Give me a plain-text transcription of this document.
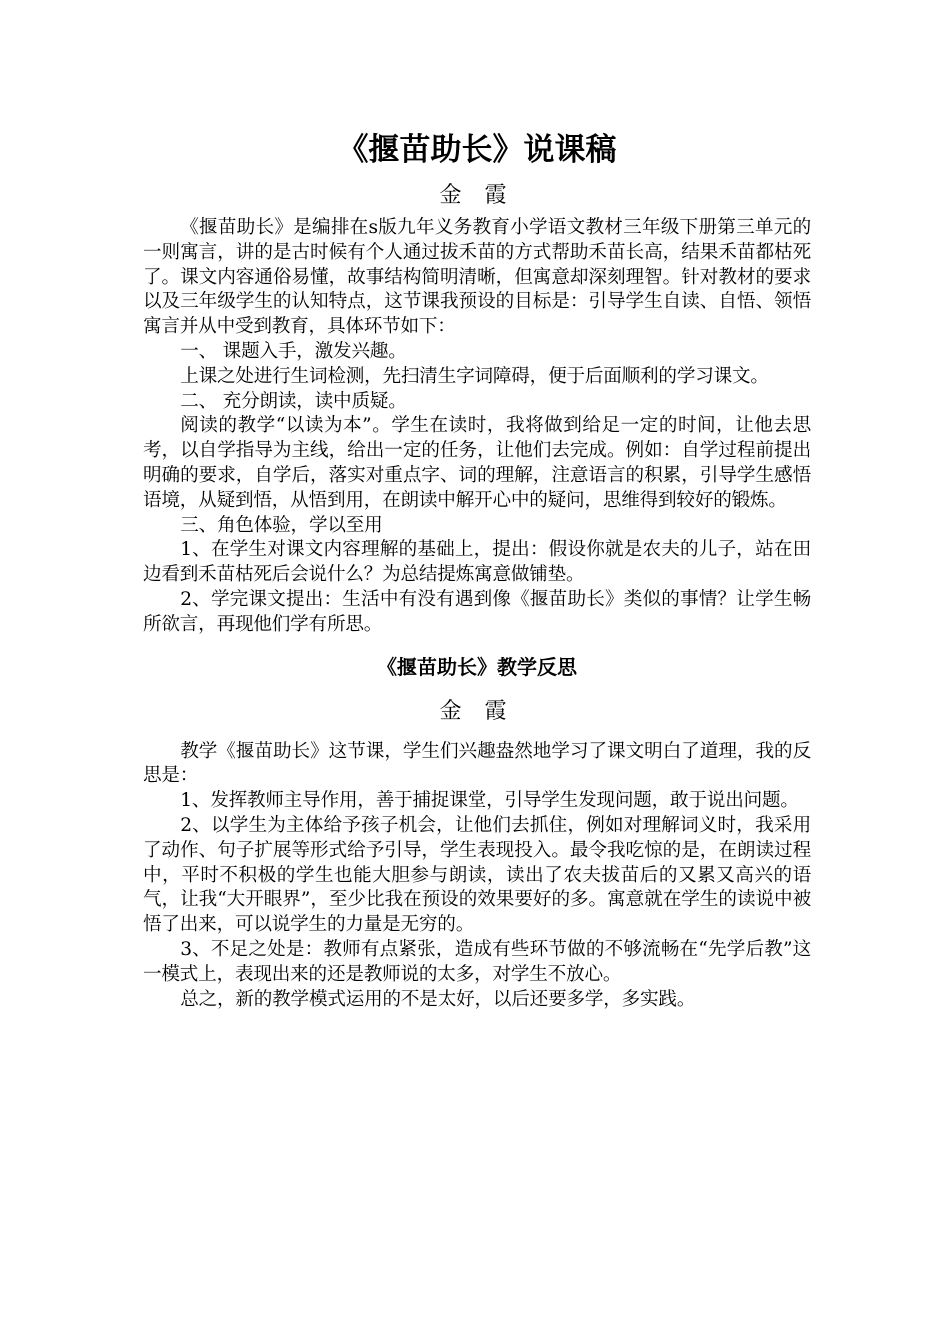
《揠苗助长》说课稿

金 霞

《揠苗助长》是编排在s版九年义务教育小学语文教材三年级下册第三单元的一则寓言，讲的是古时候有个人通过拔禾苗的方式帮助禾苗长高，结果禾苗都枯死了。课文内容通俗易懂，故事结构简明清晰，但寓意却深刻理智。针对教材的要求以及三年级学生的认知特点，这节课我预设的目标是：引导学生自读、自悟、领悟寓言并从中受到教育，具体环节如下：

一、 课题入手，激发兴趣。

上课之处进行生词检测，先扫清生字词障碍，便于后面顺利的学习课文。

二、 充分朗读，读中质疑。

阅读的教学“以读为本”。学生在读时，我将做到给足一定的时间，让他去思考，以自学指导为主线，给出一定的任务，让他们去完成。例如：自学过程前提出明确的要求，自学后，落实对重点字、词的理解，注意语言的积累，引导学生感悟语境，从疑到悟，从悟到用，在朗读中解开心中的疑问，思维得到较好的锻炼。

三、角色体验，学以至用

1、在学生对课文内容理解的基础上，提出：假设你就是农夫的儿子，站在田边看到禾苗枯死后会说什么？为总结提炼寓意做铺垫。

2、学完课文提出：生活中有没有遇到像《揠苗助长》类似的事情？让学生畅所欲言，再现他们学有所思。

《揠苗助长》教学反思

金 霞

教学《揠苗助长》这节课，学生们兴趣盎然地学习了课文明白了道理，我的反思是：

1、发挥教师主导作用，善于捕捉课堂，引导学生发现问题，敢于说出问题。

2、以学生为主体给予孩子机会，让他们去抓住，例如对理解词义时，我采用了动作、句子扩展等形式给予引导，学生表现投入。最令我吃惊的是，在朗读过程中，平时不积极的学生也能大胆参与朗读，读出了农夫拔苗后的又累又高兴的语气，让我“大开眼界”，至少比我在预设的效果要好的多。寓意就在学生的读说中被悟了出来，可以说学生的力量是无穷的。

3、不足之处是：教师有点紧张，造成有些环节做的不够流畅在“先学后教”这一模式上，表现出来的还是教师说的太多，对学生不放心。

总之，新的教学模式运用的不是太好，以后还要多学，多实践。
